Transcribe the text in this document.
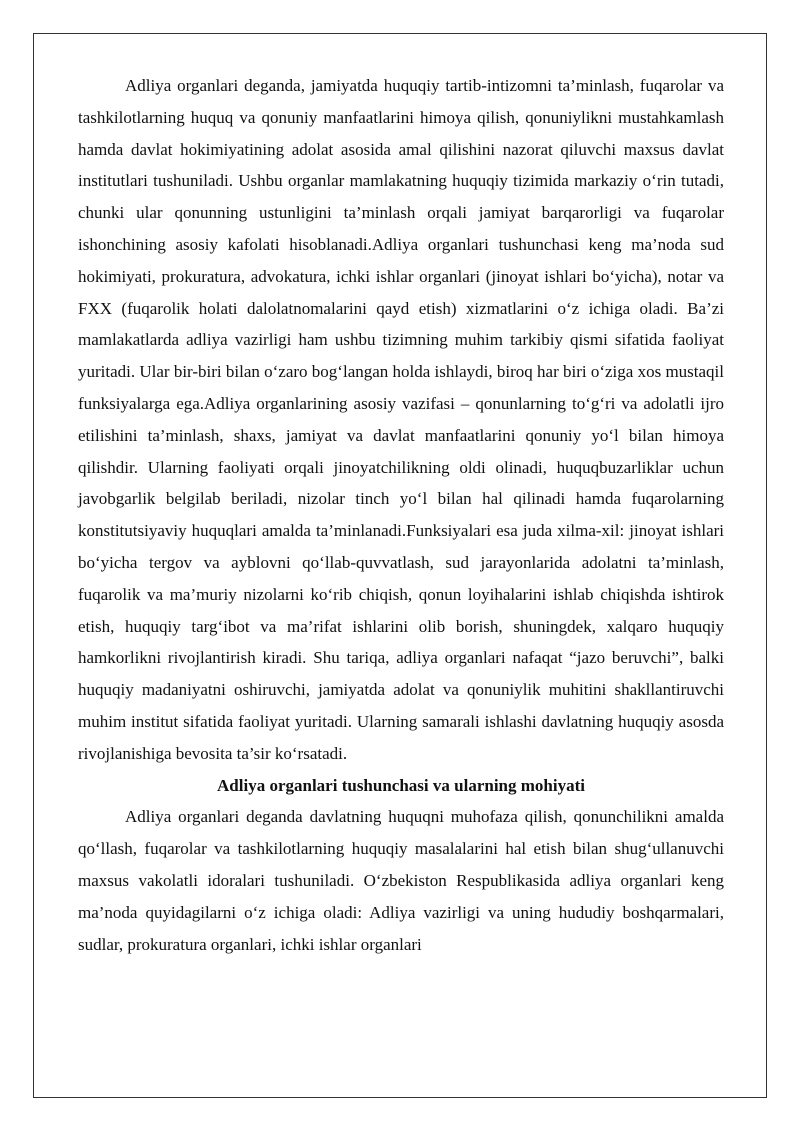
Adliya organlari deganda, jamiyatda huquqiy tartib-intizomni ta’minlash, fuqarolar va tashkilotlarning huquq va qonuniy manfaatlarini himoya qilish, qonuniylikni mustahkamlash hamda davlat hokimiyatining adolat asosida amal qilishini nazorat qiluvchi maxsus davlat institutlari tushuniladi. Ushbu organlar mamlakatning huquqiy tizimida markaziy o‘rin tutadi, chunki ular qonunning ustunligini ta’minlash orqali jamiyat barqarorligi va fuqarolar ishonchining asosiy kafolati hisoblanadi.Adliya organlari tushunchasi keng ma’noda sud hokimiyati, prokuratura, advokatura, ichki ishlar organlari (jinoyat ishlari bo‘yicha), notar va FXX (fuqarolik holati dalolatnomalarini qayd etish) xizmatlarini o‘z ichiga oladi. Ba’zi mamlakatlarda adliya vazirligi ham ushbu tizimning muhim tarkibiy qismi sifatida faoliyat yuritadi. Ular bir-biri bilan o‘zaro bog‘langan holda ishlaydi, biroq har biri o‘ziga xos mustaqil funksiyalarga ega.Adliya organlarining asosiy vazifasi – qonunlarning to‘g‘ri va adolatli ijro etilishini ta’minlash, shaxs, jamiyat va davlat manfaatlarini qonuniy yo‘l bilan himoya qilishdir. Ularning faoliyati orqali jinoyatchilikning oldi olinadi, huquqbuzarliklar uchun javobgarlik belgilab beriladi, nizolar tinch yo‘l bilan hal qilinadi hamda fuqarolarning konstitutsiyaviy huquqlari amalda ta’minlanadi.Funksiyalari esa juda xilma-xil: jinoyat ishlari bo‘yicha tergov va ayblovni qo‘llab-quvvatlash, sud jarayonlarida adolatni ta’minlash, fuqarolik va ma’muriy nizolarni ko‘rib chiqish, qonun loyihalarini ishlab chiqishda ishtirok etish, huquqiy targ‘ibot va ma’rifat ishlarini olib borish, shuningdek, xalqaro huquqiy hamkorlikni rivojlantirish kiradi. Shu tariqa, adliya organlari nafaqat “jazo beruvchi”, balki huquqiy madaniyatni oshiruvchi, jamiyatda adolat va qonuniylik muhitini shakllantiruvchi muhim institut sifatida faoliyat yuritadi. Ularning samarali ishlashi davlatning huquqiy asosda rivojlanishiga bevosita ta’sir ko‘rsatadi.

Adliya organlari tushunchasi va ularning mohiyati

Adliya organlari deganda davlatning huquqni muhofaza qilish, qonunchilikni amalda qo‘llash, fuqarolar va tashkilotlarning huquqiy masalalarini hal etish bilan shug‘ullanuvchi maxsus vakolatli idoralari tushuniladi. O‘zbekiston Respublikasida adliya organlari keng ma’noda quyidagilarni o‘z ichiga oladi: Adliya vazirligi va uning hududiy boshqarmalari, sudlar, prokuratura organlari, ichki ishlar organlari
